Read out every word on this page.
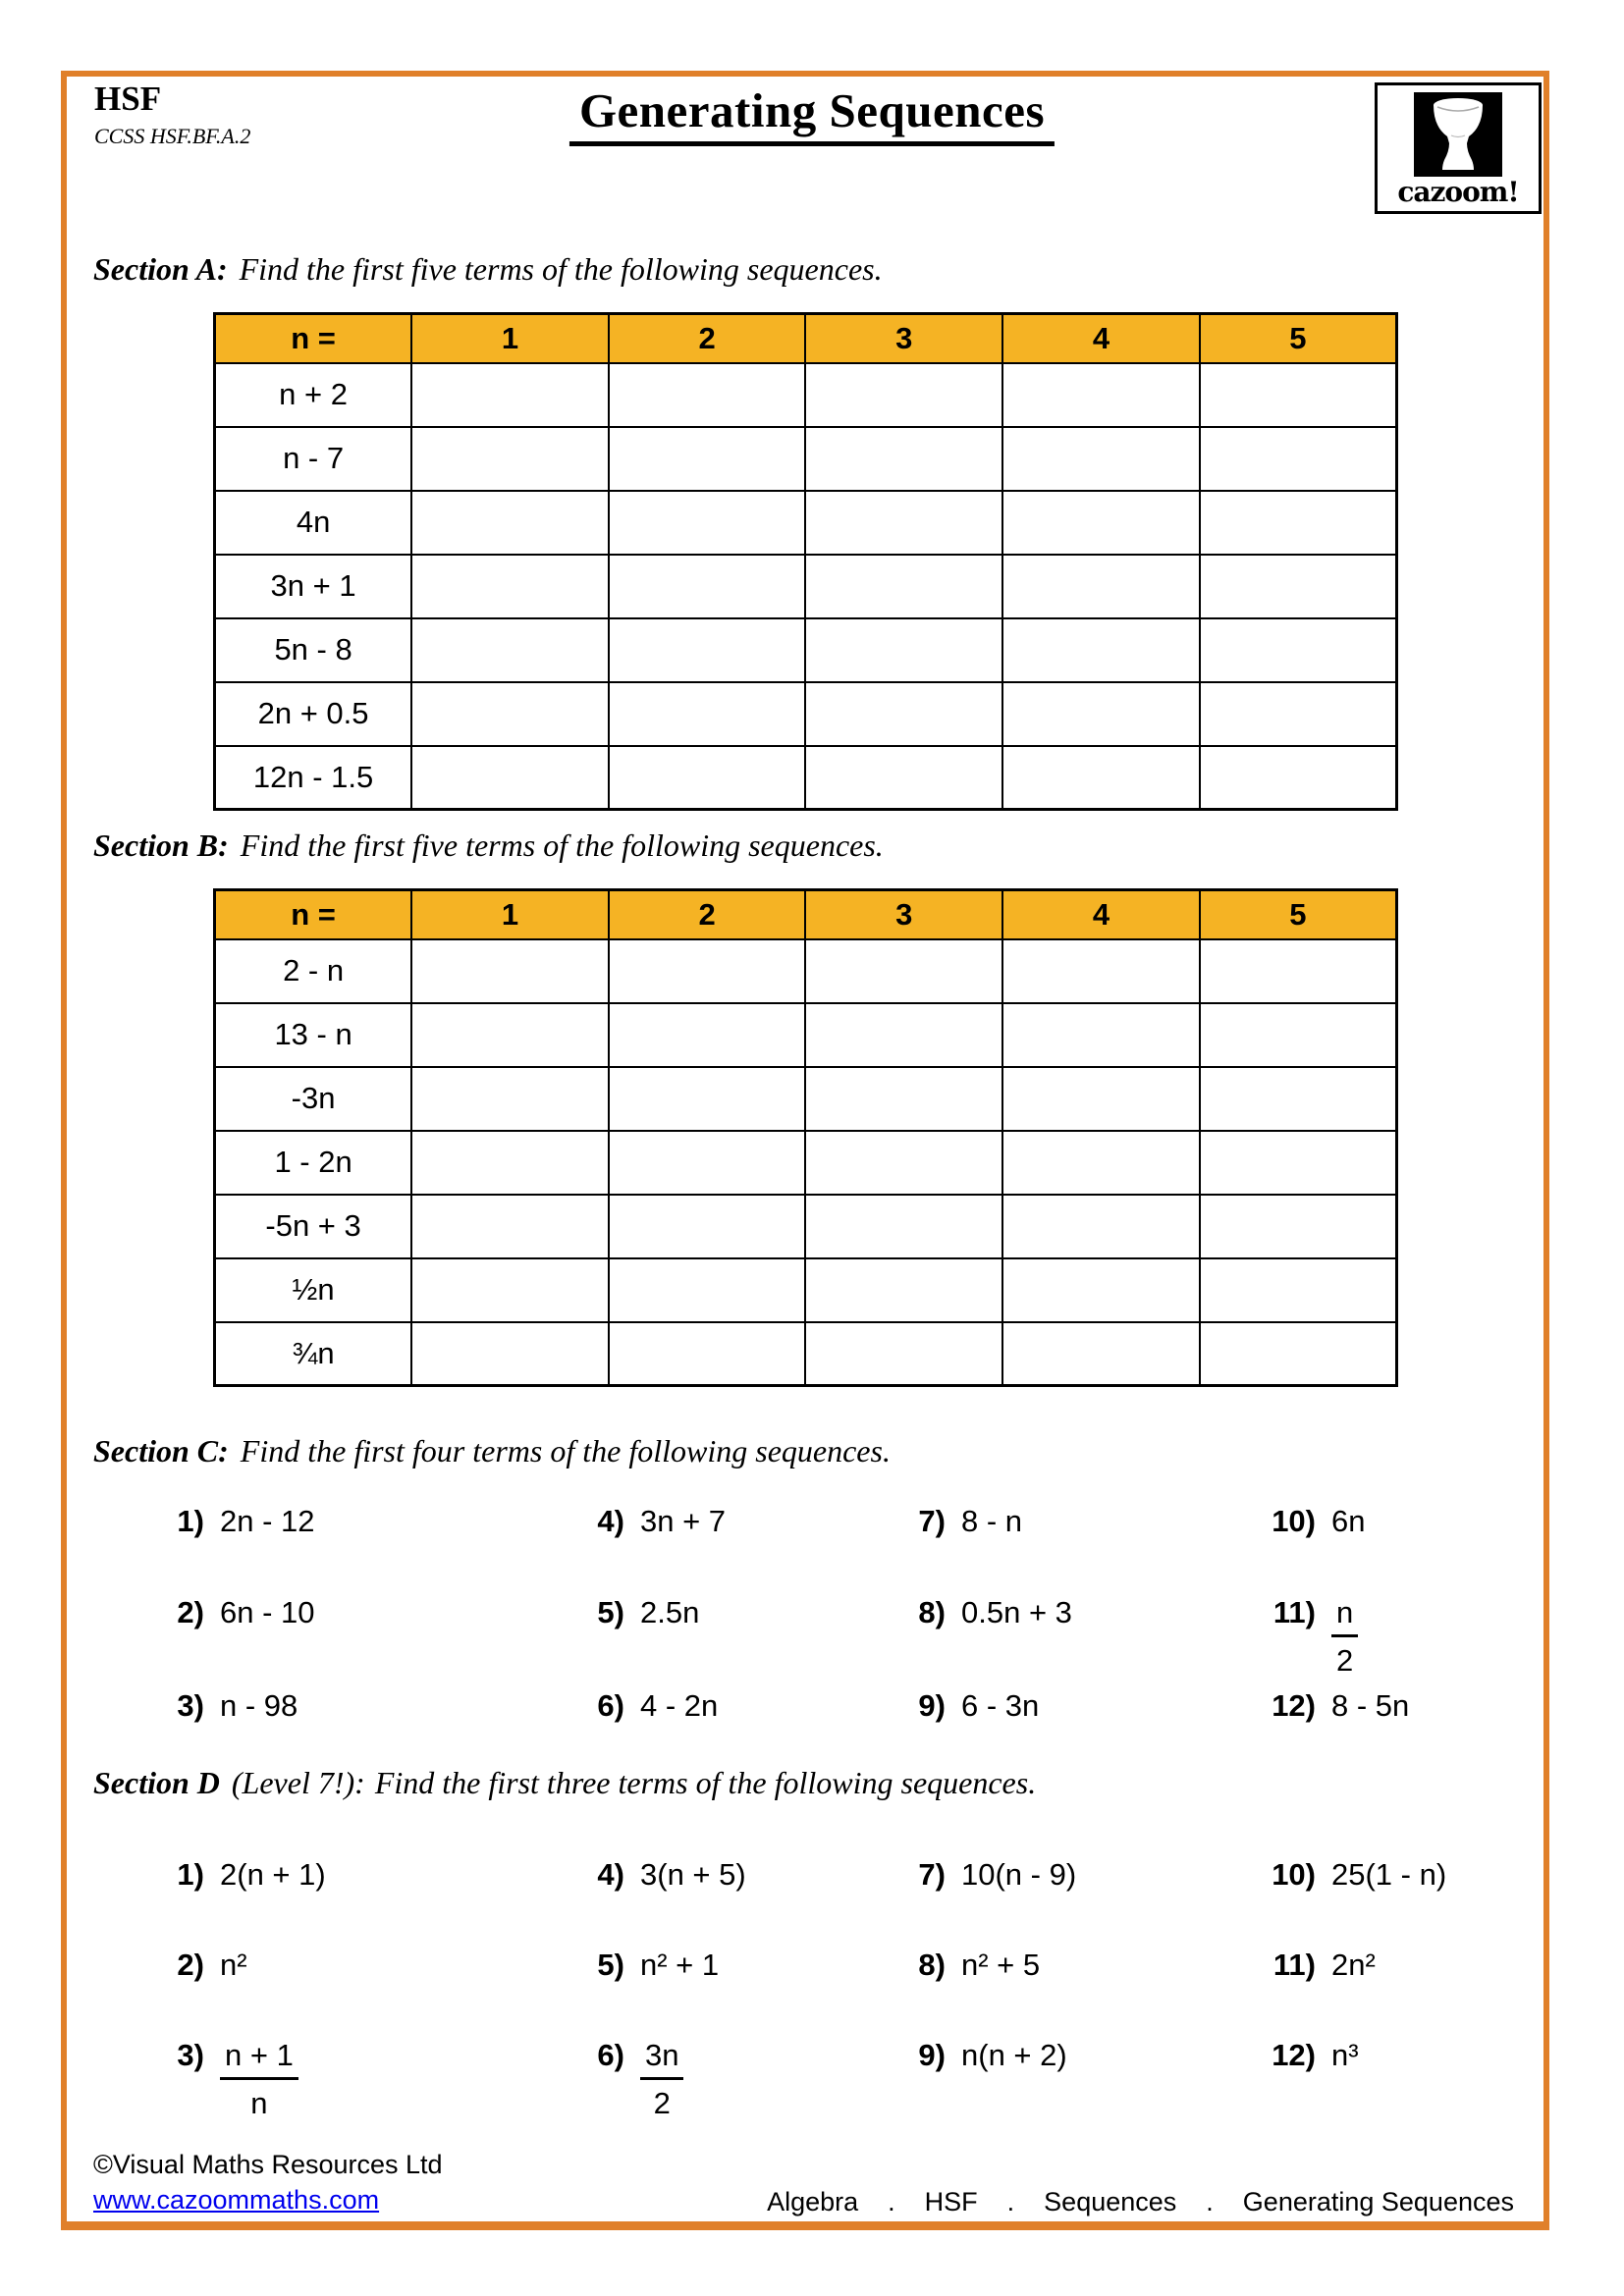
HSF
CCSS HSF.BF.A.2	Generating Sequences
cazoom!
Section A: Find the first five terms of the following sequences.
n =	1	2	3	4	5
n + 2					
n - 7					
4n					
3n + 1					
5n - 8					
2n + 0.5					
12n - 1.5					
Section B: Find the first five terms of the following sequences.
n =	1	2	3	4	5
2 - n					
13 - n					
-3n					
1 - 2n					
-5n + 3					
½n					
¾n					
Section C: Find the first four terms of the following sequences.
1) 2n - 12	4) 3n + 7	7) 8 - n	10) 6n
2) 6n - 10	5) 2.5n	8) 0.5n + 3	$11) \frac{n}{2}$
3) n - 98	6) 4 - 2n	9) 6 - 3n	12) 8 - 5n
Section D (Level 7!): Find the first three terms of the following sequences.
1) 2(n + 1)	4) 3(n + 5)	7) 10(n - 9)	10) 25(1 - n)
2) n²	5) n² + 1	8) n² + 5	11) 2n²
$3) \frac{n + 1}{n}$	$6) \frac{3n}{2}$	9) n(n + 2)	12) n³
©Visual Maths Resources Ltd
www.cazoommaths.com	Algebra . HSF . Sequences . Generating Sequences
